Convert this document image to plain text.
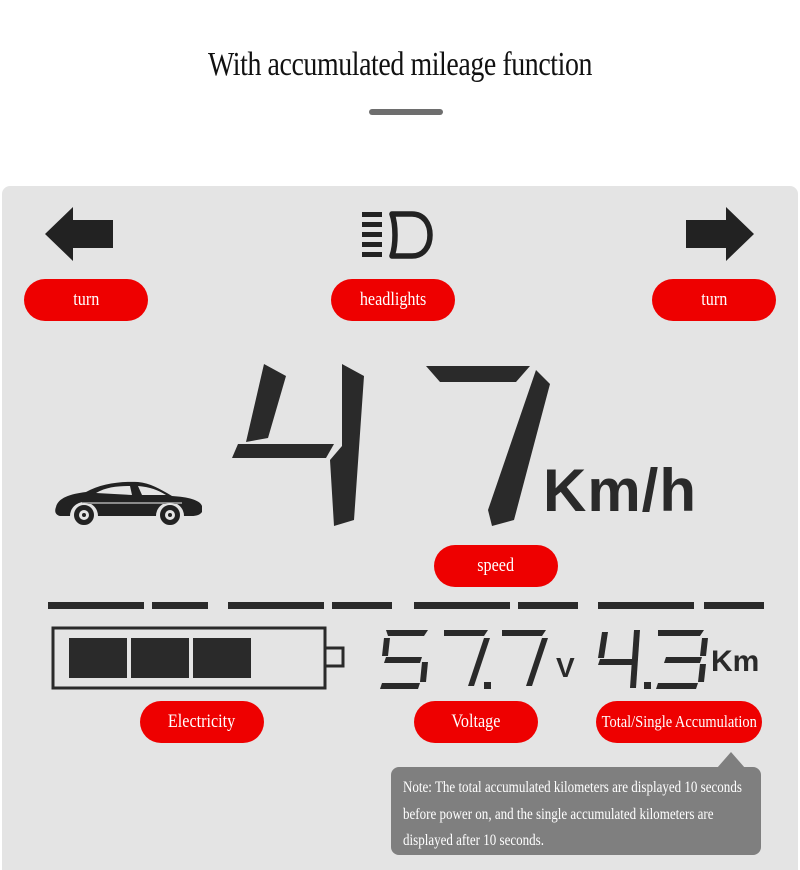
With accumulated mileage function
turn	headlights	turn
Km/h
speed
V	Km
Electricity	Voltage	Total/Single Accumulation
Note: The total accumulated kilometers are displayed 10 seconds before power on, and the single accumulated kilometers are displayed after 10 seconds.
